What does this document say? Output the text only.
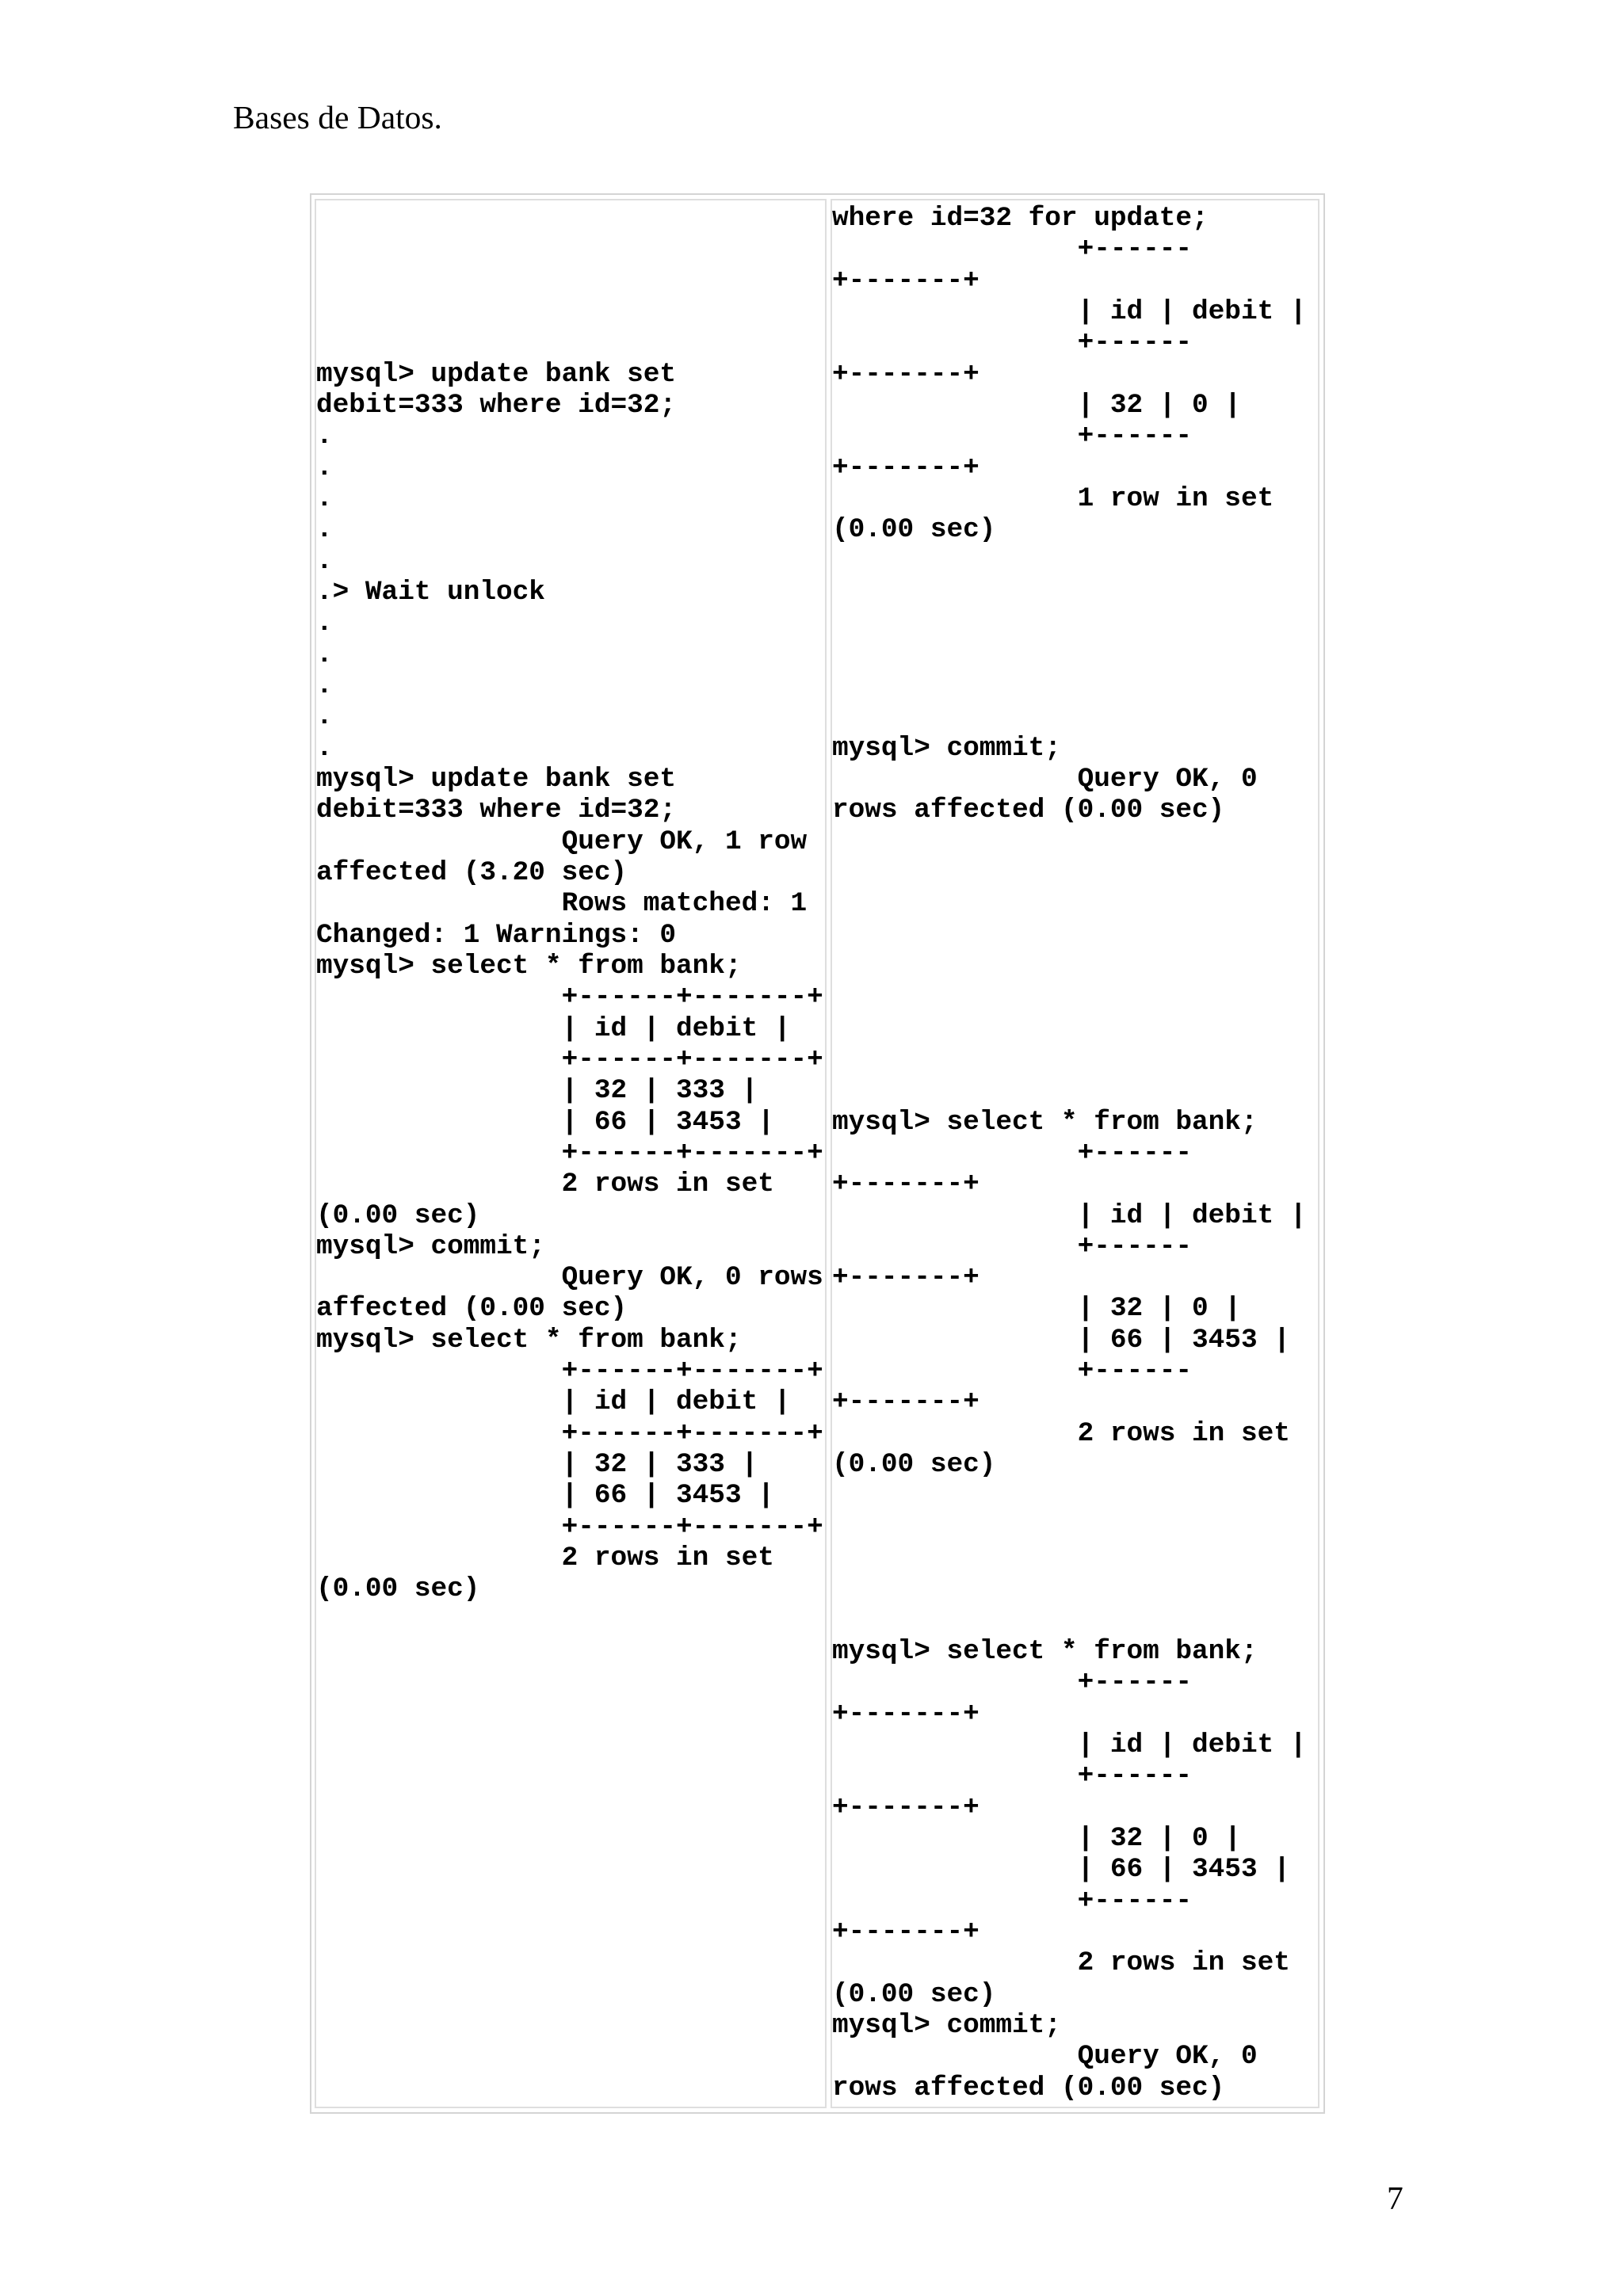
Bases de Datos.
mysql> update bank set
debit=333 where id=32;
.
.
.
.
.
.> Wait unlock
.
.
.
.
.
mysql> update bank set
debit=333 where id=32;
Query OK, 1 row
affected (3.20 sec)
Rows matched: 1
Changed: 1 Warnings: 0
mysql> select * from bank;
+------+-------+
| id | debit |
+------+-------+
| 32 | 333 |
| 66 | 3453 |
+------+-------+
2 rows in set
(0.00 sec)
mysql> commit;
Query OK, 0 rows
affected (0.00 sec)
mysql> select * from bank;
+------+-------+
| id | debit |
+------+-------+
| 32 | 333 |
| 66 | 3453 |
+------+-------+
2 rows in set
(0.00 sec)
where id=32 for update;
+------
+-------+
| id | debit |
+------
+-------+
| 32 | 0 |
+------
+-------+
1 row in set
(0.00 sec)
mysql> commit;
Query OK, 0
rows affected (0.00 sec)
mysql> select * from bank;
+------
+-------+
| id | debit |
+------
+-------+
| 32 | 0 |
| 66 | 3453 |
+------
+-------+
2 rows in set
(0.00 sec)
mysql> select * from bank;
+------
+-------+
| id | debit |
+------
+-------+
| 32 | 0 |
| 66 | 3453 |
+------
+-------+
2 rows in set
(0.00 sec)
mysql> commit;
Query OK, 0
rows affected (0.00 sec)
7
